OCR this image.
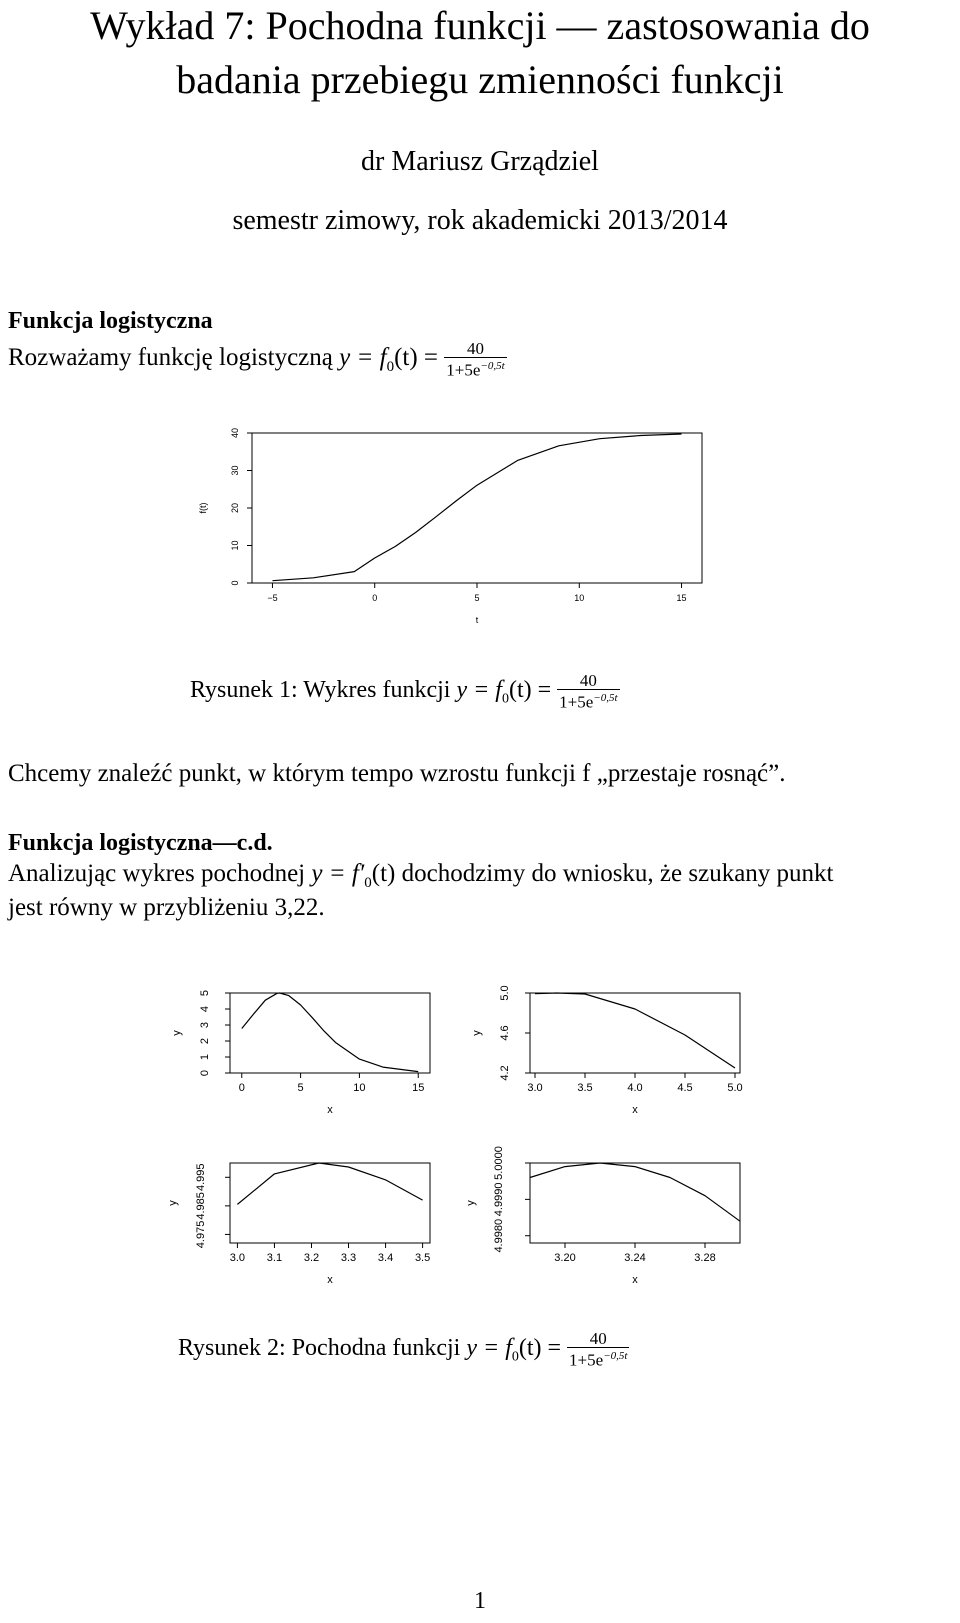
Wykład 7: Pochodna funkcji — zastosowania do
badania przebiegu zmienności funkcji
dr Mariusz Grządziel
semestr zimowy, rok akademicki 2013/2014
Funkcja logistyczna
Rozważamy funkcję logistyczną $y = f_0(t) = \frac{40}{1+5e^{-0,5t}}$
−5	0	5	10	15
0
10
20
30
40
t
f(t)
Rysunek 1: Wykres funkcji $y = f_0(t) = \frac{40}{1+5e^{-0,5t}}$
Chcemy znaleźć punkt, w którym tempo wzrostu funkcji f „przestaje rosnąć”.
Funkcja logistyczna—c.d.
Analizując wykres pochodnej $y = f'_0(t)$ dochodzimy do wniosku, że szukany punkt
jest równy w przybliżeniu 3,22.
0	5	10	15
0
1
2
3
4
5
x
y
3.0	3.5	4.0	4.5	5.0
4.2
4.6
5.0
x
y
3.0 3.1 3.2 3.3 3.4 3.5
4.975
4.985
4.995
x
y
3.20	3.24	3.28
4.9980
4.9990
5.0000
x
y
Rysunek 2: Pochodna funkcji $y = f_0(t) = \frac{40}{1+5e^{-0,5t}}$
1
